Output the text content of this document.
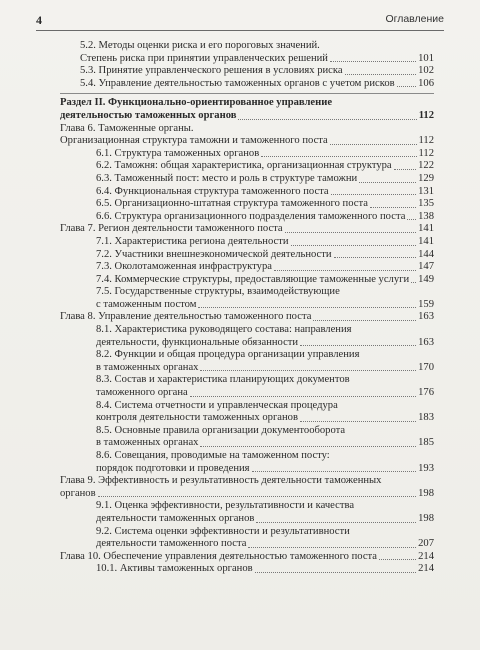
4	Оглавление
5.2. Методы оценки риска и его пороговых значений.
Степень риска при принятии управленческих решений	101
5.3. Принятие управленческого решения в условиях риска	102
5.4. Управление деятельностью таможенных органов с учетом рисков 106
Раздел II. Функционально-ориентированное управление
деятельностью таможенных органов	112
Глава 6. Таможенные органы.
Организационная структура таможни и таможенного поста	112
6.1. Структура таможенных органов	112
6.2. Таможня: общая характеристика, организационная структура 122
6.3. Таможенный пост: место и роль в структуре таможни	129
6.4. Функциональная структура таможенного поста	131
6.5. Организационно-штатная структура таможенного поста	135
6.6. Структура организационного подразделения таможенного поста 138
Глава 7. Регион деятельности таможенного поста	141
7.1. Характеристика региона деятельности	141
7.2. Участники внешнеэкономической деятельности	144
7.3. Околотаможенная инфраструктура	147
7.4. Коммерческие структуры, предоставляющие таможенные услуги 149
7.5. Государственные структуры, взаимодействующие
с таможенным постом	159
Глава 8. Управление деятельностью таможенного поста	163
8.1. Характеристика руководящего состава: направления
деятельности, функциональные обязанности	163
8.2. Функции и общая процедура организации управления
в таможенных органах	170
8.3. Состав и характеристика планирующих документов
таможенного органа	176
8.4. Система отчетности и управленческая процедура
контроля деятельности таможенных органов	183
8.5. Основные правила организации документооборота
в таможенных органах	185
8.6. Совещания, проводимые на таможенном посту:
порядок подготовки и проведения	193
Глава 9. Эффективность и результативность деятельности таможенных
органов	198
9.1. Оценка эффективности, результативности и качества
деятельности таможенных органов	198
9.2. Система оценки эффективности и результативности
деятельности таможенного поста	207
Глава 10. Обеспечение управления деятельностью таможенного поста	214
10.1. Активы таможенных органов	214
